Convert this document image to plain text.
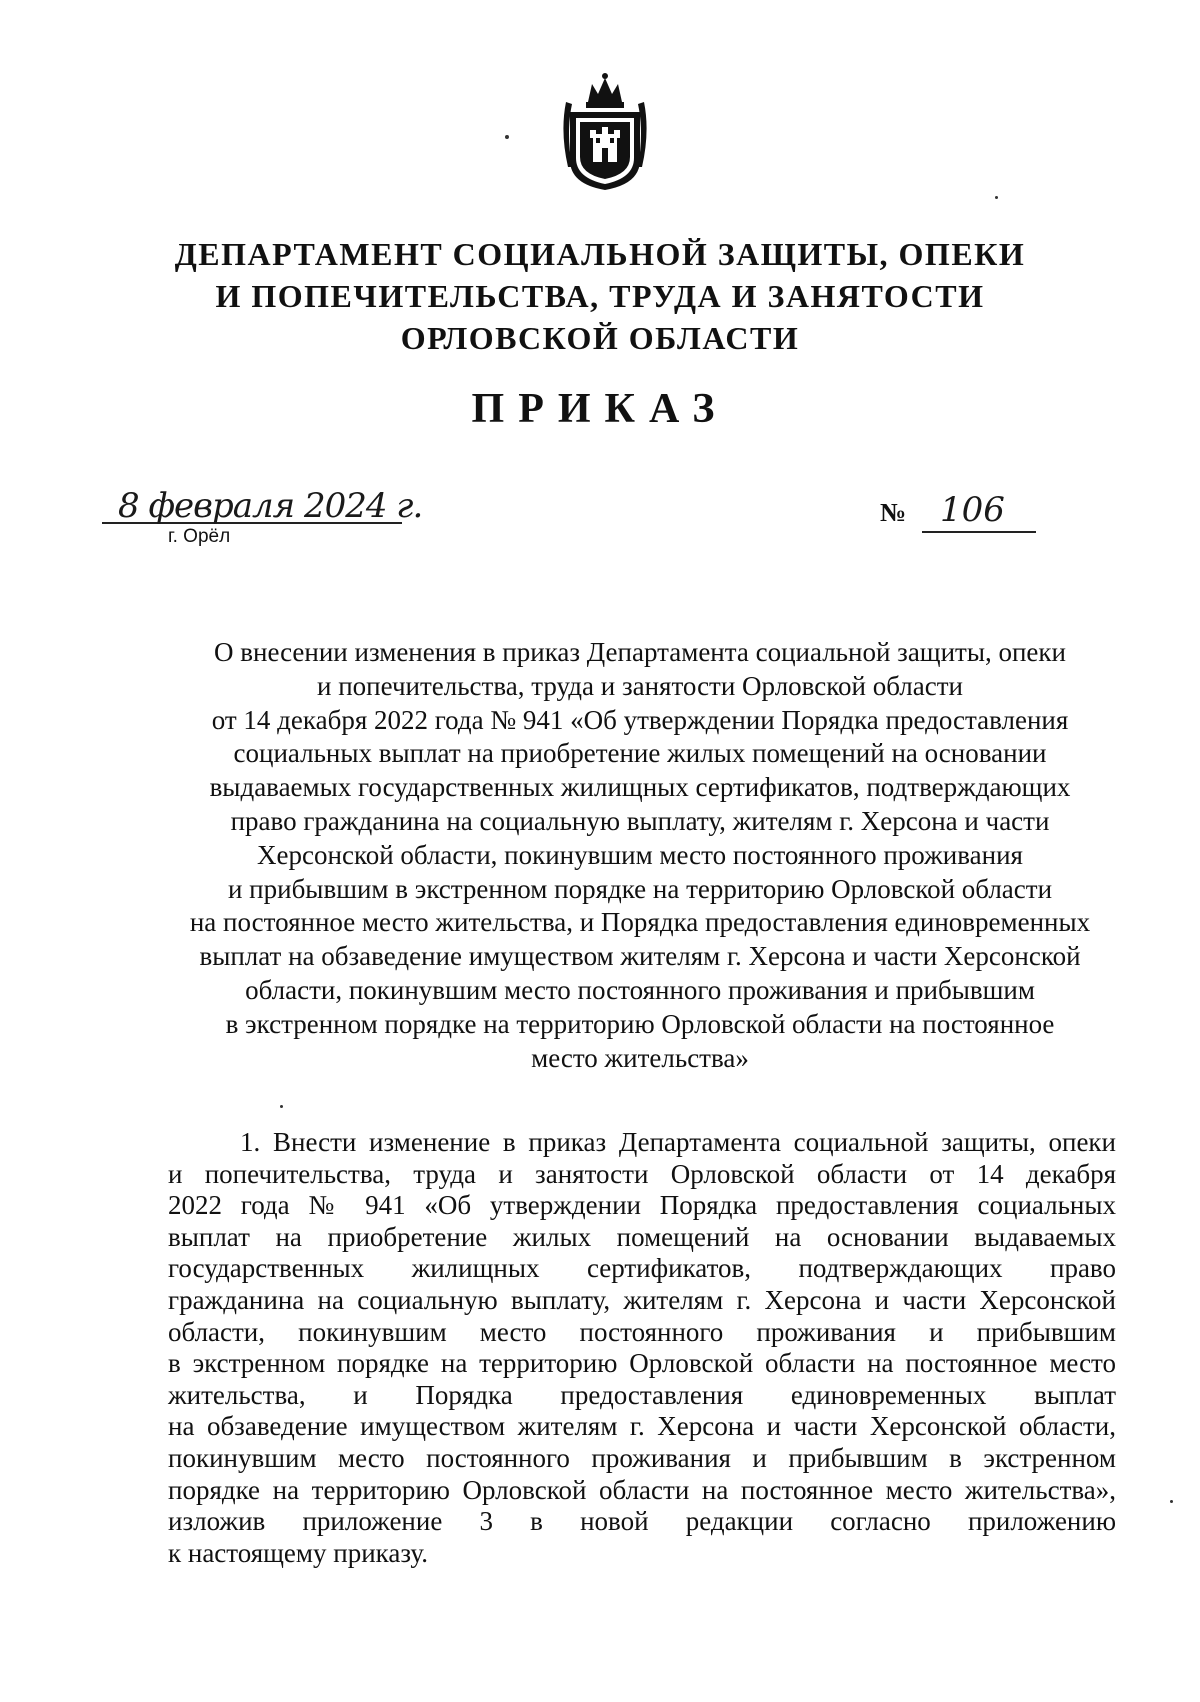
ДЕПАРТАМЕНТ СОЦИАЛЬНОЙ ЗАЩИТЫ, ОПЕКИ
И ПОПЕЧИТЕЛЬСТВА, ТРУДА И ЗАНЯТОСТИ
ОРЛОВСКОЙ ОБЛАСТИ
ПРИКАЗ
8 февраля 2024 г.
г. Орёл
№ 106
О внесении изменения в приказ Департамента социальной защиты, опеки
и попечительства, труда и занятости Орловской области
от 14 декабря 2022 года № 941 «Об утверждении Порядка предоставления
социальных выплат на приобретение жилых помещений на основании
выдаваемых государственных жилищных сертификатов, подтверждающих
право гражданина на социальную выплату, жителям г. Херсона и части
Херсонской области, покинувшим место постоянного проживания
и прибывшим в экстренном порядке на территорию Орловской области
на постоянное место жительства, и Порядка предоставления единовременных
выплат на обзаведение имуществом жителям г. Херсона и части Херсонской
области, покинувшим место постоянного проживания и прибывшим
в экстренном порядке на территорию Орловской области на постоянное
место жительства»
1. Внести изменение в приказ Департамента социальной защиты, опеки
и попечительства, труда и занятости Орловской области от 14 декабря
2022 года № 941 «Об утверждении Порядка предоставления социальных
выплат на приобретение жилых помещений на основании выдаваемых
государственных жилищных сертификатов, подтверждающих право
гражданина на социальную выплату, жителям г. Херсона и части Херсонской
области, покинувшим место постоянного проживания и прибывшим
в экстренном порядке на территорию Орловской области на постоянное место
жительства, и Порядка предоставления единовременных выплат
на обзаведение имуществом жителям г. Херсона и части Херсонской области,
покинувшим место постоянного проживания и прибывшим в экстренном
порядке на территорию Орловской области на постоянное место жительства»,
изложив приложение 3 в новой редакции согласно приложению
к настоящему приказу.
